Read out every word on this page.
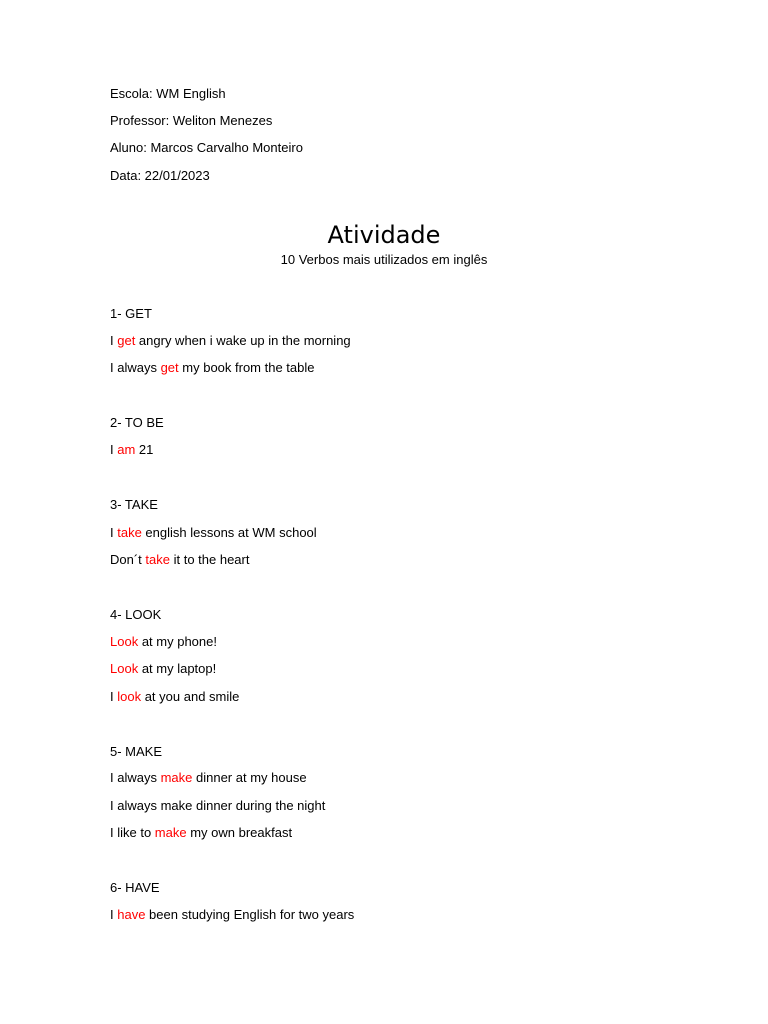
Escola: WM English
Professor: Weliton Menezes
Aluno: Marcos Carvalho Monteiro
Data: 22/01/2023
Atividade
10 Verbos mais utilizados em inglês
1- GET
I get angry when i wake up in the morning
I always get my book from the table
2- TO BE
I am 21
3- TAKE
I take english lessons at WM school
Don´t take it to the heart
4- LOOK
Look at my phone!
Look at my laptop!
I look at you and smile
5- MAKE
I always make dinner at my house
I always make dinner during the night
I like to make my own breakfast
6- HAVE
I have been studying English for two years
